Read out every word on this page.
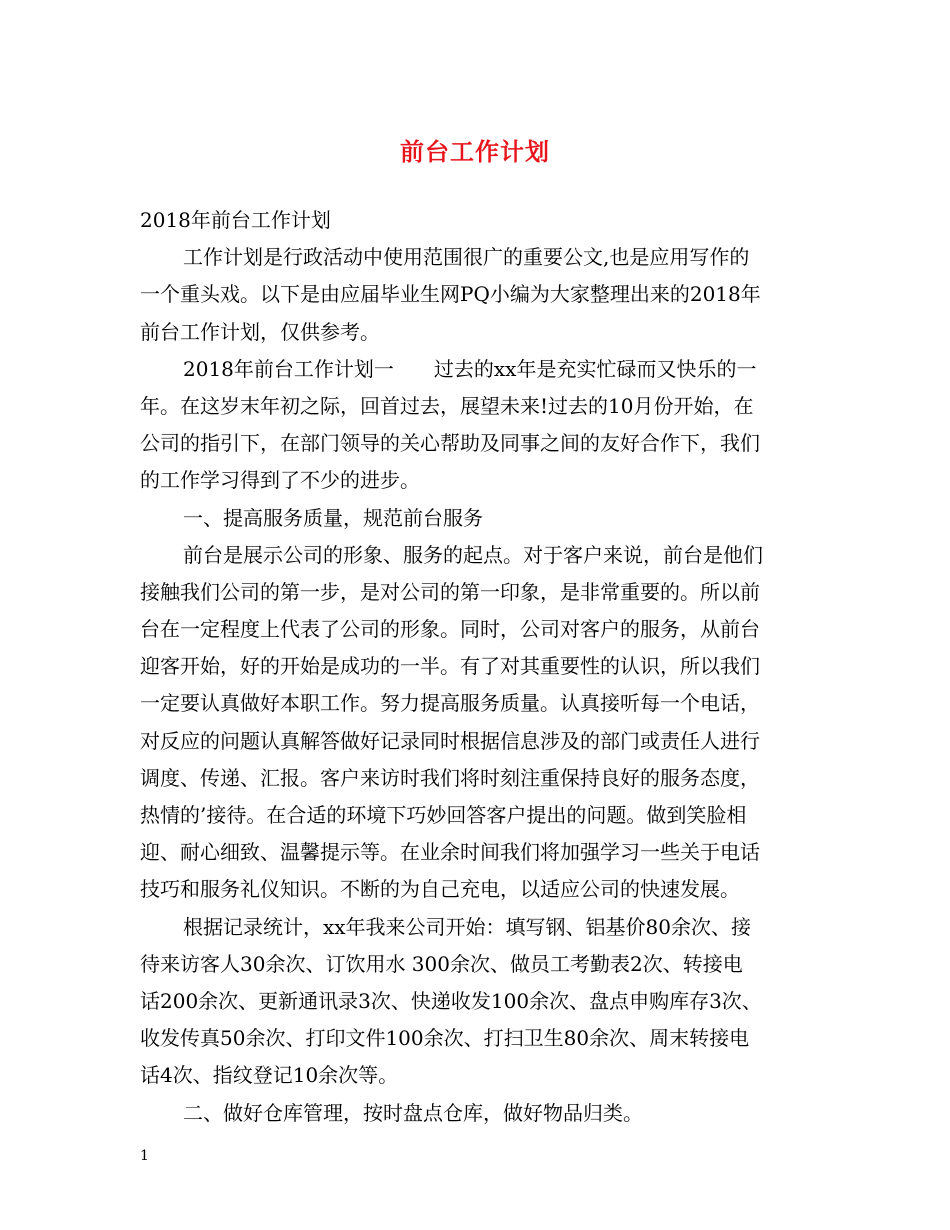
前台工作计划
2018年前台工作计划
工作计划是行政活动中使用范围很广的重要公文,也是应用写作的
一个重头戏。以下是由应届毕业生网PQ小编为大家整理出来的2018年
前台工作计划，仅供参考。
2018年前台工作计划一　　过去的xx年是充实忙碌而又快乐的一
年。在这岁末年初之际，回首过去，展望未来!过去的10月份开始，在
公司的指引下，在部门领导的关心帮助及同事之间的友好合作下，我们
的工作学习得到了不少的进步。
一、提高服务质量，规范前台服务
前台是展示公司的形象、服务的起点。对于客户来说，前台是他们
接触我们公司的第一步，是对公司的第一印象，是非常重要的。所以前
台在一定程度上代表了公司的形象。同时，公司对客户的服务，从前台
迎客开始，好的开始是成功的一半。有了对其重要性的认识，所以我们
一定要认真做好本职工作。努力提高服务质量。认真接听每一个电话，
对反应的问题认真解答做好记录同时根据信息涉及的部门或责任人进行
调度、传递、汇报。客户来访时我们将时刻注重保持良好的服务态度，
热情的’接待。在合适的环境下巧妙回答客户提出的问题。做到笑脸相
迎、耐心细致、温馨提示等。在业余时间我们将加强学习一些关于电话
技巧和服务礼仪知识。不断的为自己充电，以适应公司的快速发展。
根据记录统计，xx年我来公司开始：填写钢、铝基价80余次、接
待来访客人30余次、订饮用水 300余次、做员工考勤表2次、转接电
话200余次、更新通讯录3次、快递收发100余次、盘点申购库存3次、
收发传真50余次、打印文件100余次、打扫卫生80余次、周末转接电
话4次、指纹登记10余次等。
二、做好仓库管理，按时盘点仓库，做好物品归类。
1
